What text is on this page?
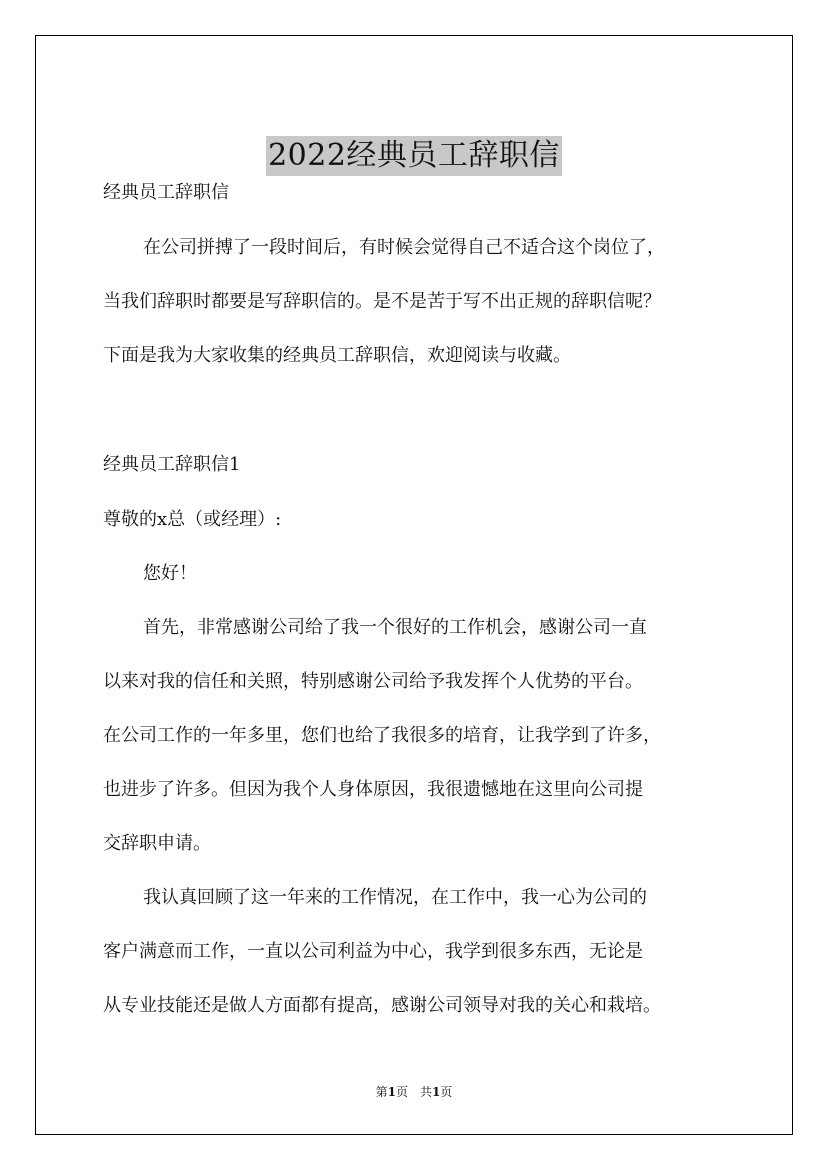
2022经典员工辞职信
经典员工辞职信
在公司拼搏了一段时间后，有时候会觉得自己不适合这个岗位了，
当我们辞职时都要是写辞职信的。是不是苦于写不出正规的辞职信呢？
下面是我为大家收集的经典员工辞职信，欢迎阅读与收藏。
经典员工辞职信1
尊敬的x总（或经理）:
您好！
首先，非常感谢公司给了我一个很好的工作机会，感谢公司一直
以来对我的信任和关照，特别感谢公司给予我发挥个人优势的平台。
在公司工作的一年多里，您们也给了我很多的培育，让我学到了许多，
也进步了许多。但因为我个人身体原因，我很遗憾地在这里向公司提
交辞职申请。
我认真回顾了这一年来的工作情况，在工作中，我一心为公司的
客户满意而工作，一直以公司利益为中心，我学到很多东西，无论是
从专业技能还是做人方面都有提高，感谢公司领导对我的关心和栽培。
第1页　共1页
